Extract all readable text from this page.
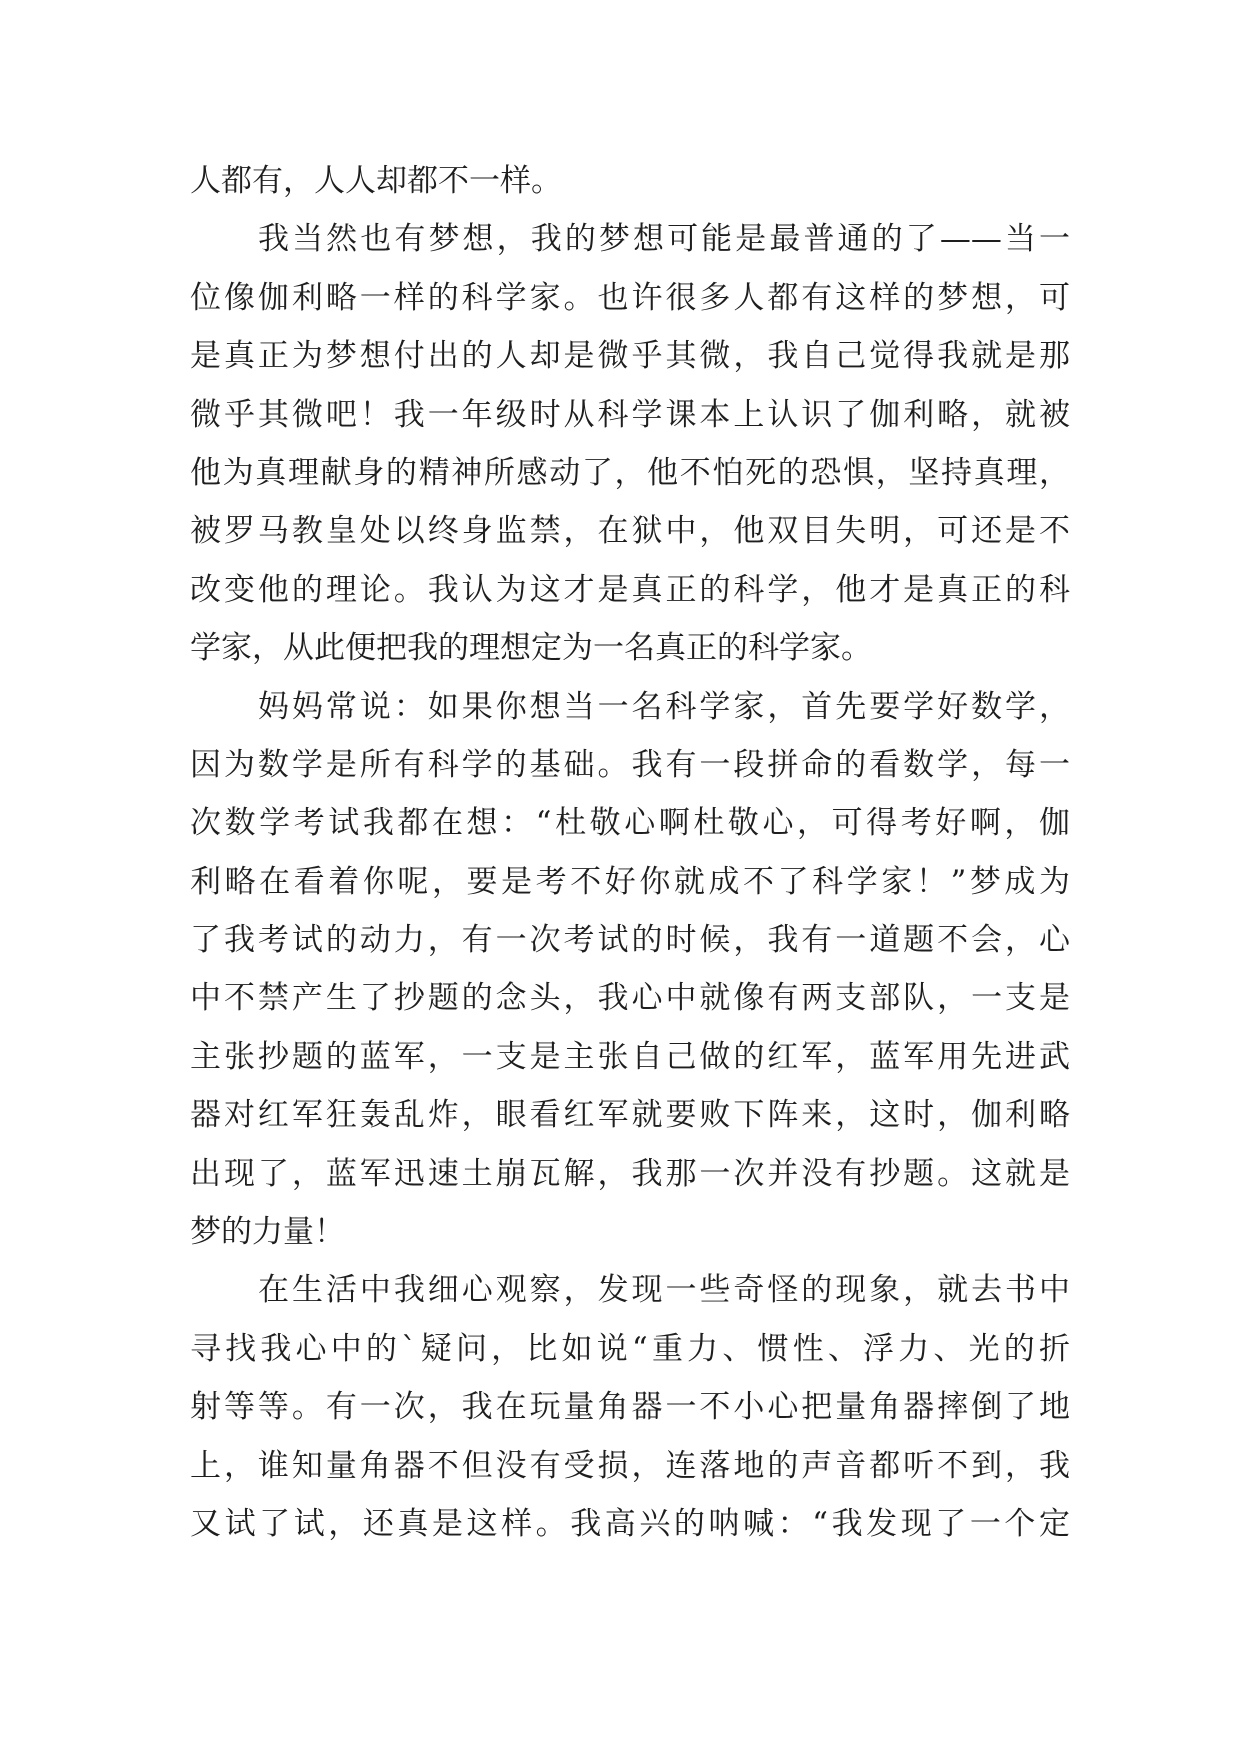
人都有，人人却都不一样。
我当然也有梦想，我的梦想可能是最普通的了——当一
位像伽利略一样的科学家。也许很多人都有这样的梦想，可
是真正为梦想付出的人却是微乎其微，我自己觉得我就是那
微乎其微吧！我一年级时从科学课本上认识了伽利略，就被
他为真理献身的精神所感动了，他不怕死的恐惧，坚持真理，
被罗马教皇处以终身监禁，在狱中，他双目失明，可还是不
改变他的理论。我认为这才是真正的科学，他才是真正的科
学家，从此便把我的理想定为一名真正的科学家。
妈妈常说：如果你想当一名科学家，首先要学好数学，
因为数学是所有科学的基础。我有一段拼命的看数学，每一
次数学考试我都在想：“杜敬心啊杜敬心，可得考好啊，伽
利略在看着你呢，要是考不好你就成不了科学家！”梦成为
了我考试的动力，有一次考试的时候，我有一道题不会，心
中不禁产生了抄题的念头，我心中就像有两支部队，一支是
主张抄题的蓝军，一支是主张自己做的红军，蓝军用先进武
器对红军狂轰乱炸，眼看红军就要败下阵来，这时，伽利略
出现了，蓝军迅速土崩瓦解，我那一次并没有抄题。这就是
梦的力量！
在生活中我细心观察，发现一些奇怪的现象，就去书中
寻找我心中的`疑问，比如说“重力、惯性、浮力、光的折
射等等。有一次，我在玩量角器一不小心把量角器摔倒了地
上，谁知量角器不但没有受损，连落地的声音都听不到，我
又试了试，还真是这样。我高兴的呐喊：“我发现了一个定
